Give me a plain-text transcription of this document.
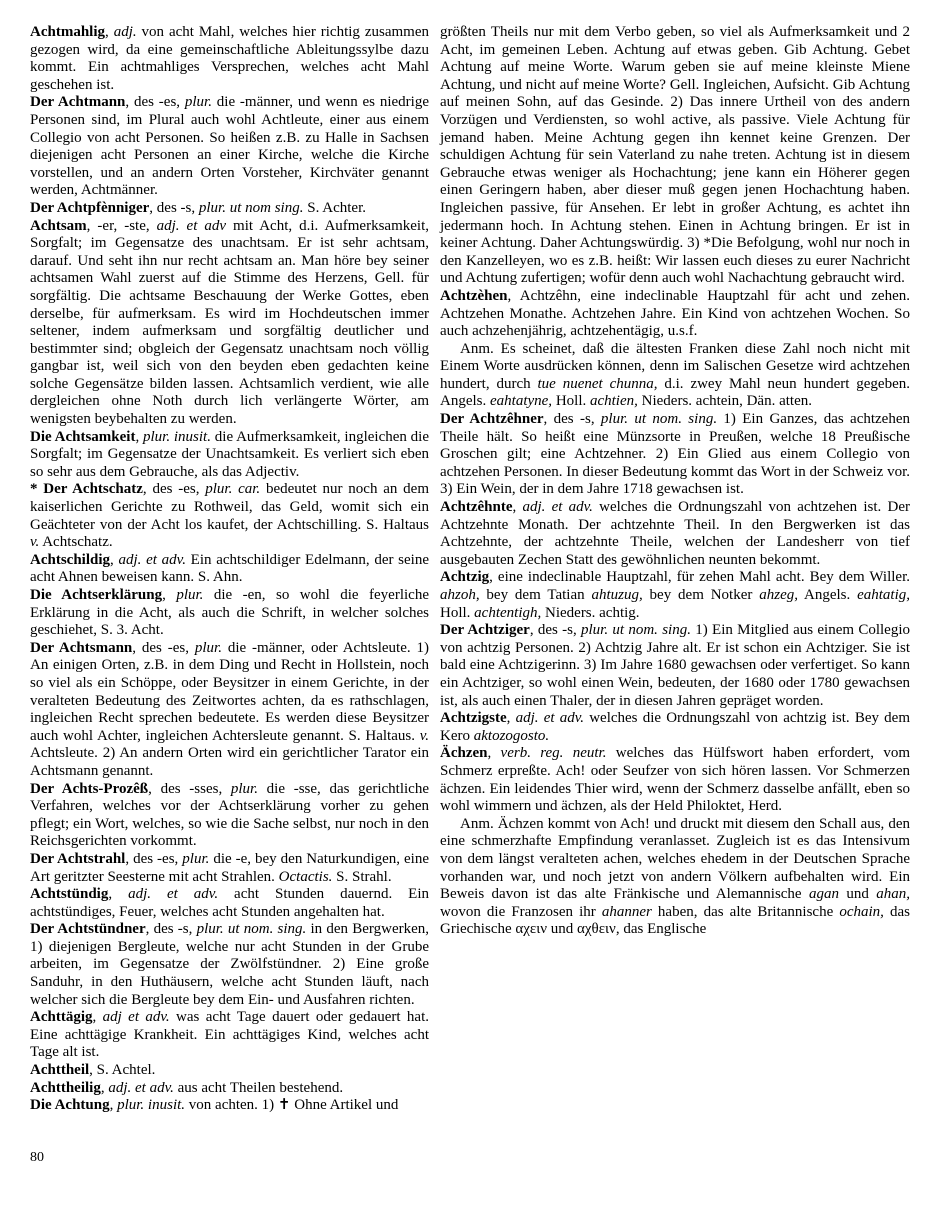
Achtmahlig, adj. von acht Mahl, welches hier richtig zusammen gezogen wird, da eine gemeinschaftliche Ableitungssylbe dazu kommt. Ein achtmahliges Versprechen, welches acht Mahl geschehen ist.

Der Achtmann, des -es, plur. die -männer, und wenn es niedrige Personen sind, im Plural auch wohl Achtleute, einer aus einem Collegio von acht Personen. So heißen z.B. zu Halle in Sachsen diejenigen acht Personen an einer Kirche, welche die Kirche vorstellen, und an andern Orten Vorsteher, Kirchväter genannt werden, Achtmänner.

Der Achtpfènniger, des -s, plur. ut nom sing. S. Achter.

Achtsam, -er, -ste, adj. et adv mit Acht, d.i. Aufmerksamkeit, Sorgfalt; im Gegensatze des unachtsam. Er ist sehr achtsam, darauf. Und seht ihn nur recht achtsam an. Man höre bey seiner achtsamen Wahl zuerst auf die Stimme des Herzens, Gell. für sorgfältig. Die achtsame Beschauung der Werke Gottes, eben derselbe, für aufmerksam. Es wird im Hochdeutschen immer seltener, indem aufmerksam und sorgfältig deutlicher und bestimmter sind; obgleich der Gegensatz unachtsam noch völlig gangbar ist, weil sich von den beyden eben gedachten keine solche Gegensätze bilden lassen. Achtsamlich verdient, wie alle dergleichen ohne Noth durch lich verlängerte Wörter, am wenigsten beybehalten zu werden.

Die Achtsamkeit, plur. inusit. die Aufmerksamkeit, ingleichen die Sorgfalt; im Gegensatze der Unachtsamkeit. Es verliert sich eben so sehr aus dem Gebrauche, als das Adjectiv.

* Der Achtschatz, des -es, plur. car. bedeutet nur noch an dem kaiserlichen Gerichte zu Rothweil, das Geld, womit sich ein Geächteter von der Acht los kaufet, der Achtschilling. S. Haltaus v. Achtschatz.

Achtschildig, adj. et adv. Ein achtschildiger Edelmann, der seine acht Ahnen beweisen kann. S. Ahn.

Die Achtserklärung, plur. die -en, so wohl die feyerliche Erklärung in die Acht, als auch die Schrift, in welcher solches geschiehet, S. 3. Acht.

Der Achtsmann, des -es, plur. die -männer, oder Achtsleute. 1) An einigen Orten, z.B. in dem Ding und Recht in Hollstein, noch so viel als ein Schöppe, oder Beysitzer in einem Gerichte, in der veralteten Bedeutung des Zeitwortes achten, da es rathschlagen, ingleichen Recht sprechen bedeutete. Es werden diese Beysitzer auch wohl Achter, ingleichen Achtersleute genannt. S. Haltaus. v. Achtsleute. 2) An andern Orten wird ein gerichtlicher Tarator ein Achtsmann genannt.

Der Achts-Prozêß, des -sses, plur. die -sse, das gerichtliche Verfahren, welches vor der Achtserklärung vorher zu gehen pflegt; ein Wort, welches, so wie die Sache selbst, nur noch in den Reichsgerichten vorkommt.

Der Achtstrahl, des -es, plur. die -e, bey den Naturkundigen, eine Art geritzter Seesterne mit acht Strahlen. Octactis. S. Strahl.

Achtstündig, adj. et adv. acht Stunden dauernd. Ein achtstündiges, Feuer, welches acht Stunden angehalten hat.

Der Achtstündner, des -s, plur. ut nom. sing. in den Bergwerken, 1) diejenigen Bergleute, welche nur acht Stunden in der Grube arbeiten, im Gegensatze der Zwölfstündner. 2) Eine große Sanduhr, in den Huthäusern, welche acht Stunden läuft, nach welcher sich die Bergleute bey dem Ein- und Ausfahren richten.

Achttägig, adj et adv. was acht Tage dauert oder gedauert hat. Eine achttägige Krankheit. Ein achttägiges Kind, welches acht Tage alt ist.

Achttheil, S. Achtel.

Achttheilig, adj. et adv. aus acht Theilen bestehend.

Die Achtung, plur. inusit. von achten. 1) ✝ Ohne Artikel und

größten Theils nur mit dem Verbo geben, so viel als Aufmerksamkeit und 2 Acht, im gemeinen Leben. Achtung auf etwas geben. Gib Achtung. Gebet Achtung auf meine Worte. Warum geben sie auf meine kleinste Miene Achtung, und nicht auf meine Worte? Gell. Ingleichen, Aufsicht. Gib Achtung auf meinen Sohn, auf das Gesinde. 2) Das innere Urtheil von des andern Vorzügen und Verdiensten, so wohl active, als passive. Viele Achtung für jemand haben. Meine Achtung gegen ihn kennet keine Grenzen. Der schuldigen Achtung für sein Vaterland zu nahe treten. Achtung ist in diesem Gebrauche etwas weniger als Hochachtung; jene kann ein Höherer gegen einen Geringern haben, aber dieser muß gegen jenen Hochachtung haben. Ingleichen passive, für Ansehen. Er lebt in großer Achtung, es achtet ihn jedermann hoch. In Achtung stehen. Einen in Achtung bringen. Er ist in keiner Achtung. Daher Achtungswürdig. 3) *Die Befolgung, wohl nur noch in den Kanzelleyen, wo es z.B. heißt: Wir lassen euch dieses zu eurer Nachricht und Achtung zufertigen; wofür denn auch wohl Nachachtung gebraucht wird.

Achtzèhen, Achtzêhn, eine indeclinable Hauptzahl für acht und zehen. Achtzehen Monathe. Achtzehen Jahre. Ein Kind von achtzehen Wochen. So auch achzehenjährig, achtzehentägig, u.s.f.

Anm. Es scheinet, daß die ältesten Franken diese Zahl noch nicht mit Einem Worte ausdrücken können, denn im Salischen Gesetze wird achtzehen hundert, durch tue nuenet chunna, d.i. zwey Mahl neun hundert gegeben. Angels. eahtatyne, Holl. achtien, Nieders. achtein, Dän. atten.

Der Achtzêhner, des -s, plur. ut nom. sing. 1) Ein Ganzes, das achtzehen Theile hält. So heißt eine Münzsorte in Preußen, welche 18 Preußische Groschen gilt; eine Achtzehner. 2) Ein Glied aus einem Collegio von achtzehen Personen. In dieser Bedeutung kommt das Wort in der Schweiz vor. 3) Ein Wein, der in dem Jahre 1718 gewachsen ist.

Achtzêhnte, adj. et adv. welches die Ordnungszahl von achtzehen ist. Der Achtzehnte Monath. Der achtzehnte Theil. In den Bergwerken ist das Achtzehnte, der achtzehnte Theile, welchen der Landesherr von tief ausgebauten Zechen Statt des gewöhnlichen neunten bekommt.

Achtzig, eine indeclinable Hauptzahl, für zehen Mahl acht. Bey dem Willer. ahzoh, bey dem Tatian ahtuzug, bey dem Notker ahzeg, Angels. eahtatig, Holl. achtentigh, Nieders. achtig.

Der Achtziger, des -s, plur. ut nom. sing. 1) Ein Mitglied aus einem Collegio von achtzig Personen. 2) Achtzig Jahre alt. Er ist schon ein Achtziger. Sie ist bald eine Achtzigerinn. 3) Im Jahre 1680 gewachsen oder verfertiget. So kann ein Achtziger, so wohl einen Wein, bedeuten, der 1680 oder 1780 gewachsen ist, als auch einen Thaler, der in diesen Jahren gepräget worden.

Achtzigste, adj. et adv. welches die Ordnungszahl von achtzig ist. Bey dem Kero aktozogosto.

Ächzen, verb. reg. neutr. welches das Hülfswort haben erfordert, vom Schmerz erpreßte. Ach! oder Seufzer von sich hören lassen. Vor Schmerzen ächzen. Ein leidendes Thier wird, wenn der Schmerz dasselbe anfällt, eben so wohl wimmern und ächzen, als der Held Philoktet, Herd.

Anm. Ächzen kommt von Ach! und druckt mit diesem den Schall aus, den eine schmerzhafte Empfindung veranlasset. Zugleich ist es das Intensivum von dem längst veralteten achen, welches ehedem in der Deutschen Sprache vorhanden war, und noch jetzt von andern Völkern aufbehalten wird. Ein Beweis davon ist das alte Fränkische und Alemannische agan und ahan, wovon die Franzosen ihr ahanner haben, das alte Britannische ochain, das Griechische αχειν und αχθειν, das Englische

80
